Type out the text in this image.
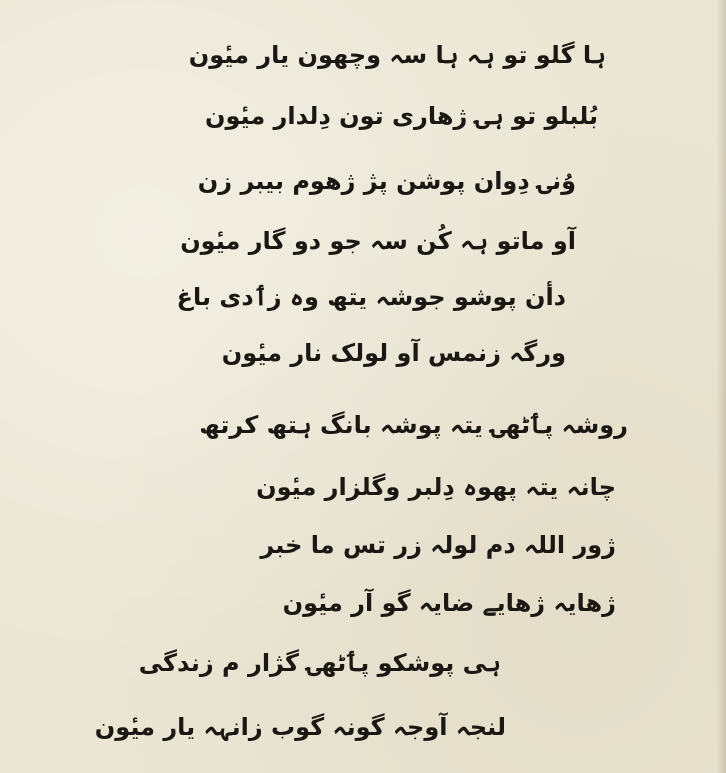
ہا گلو تو ہہ ہا سہ وچھون یار میٔون
بُلبلو تو ہۍ ژھاری تون دِلدار میٔون
وُنۍ دِوان پوشن پژ ژھوم بیبر زن
آو ماتو ہہ کُن سہ جو دو گار میٔون
دأن پوشو جوشہ یتھ وہ زٲدی باغ
ورگہ زنمس آو لولک نار میٔون
روشہ پٲٹھۍ یتہ پوشہ بانگ ہتھ کرتھ
چانہ یتہ پھوہ دِلبر وگلزار میٔون
ژور اللہ دم لولہ زر تس ما خبر
ژھایہ ژھایے ضایہ گو آر میٔون
ہی پوشکو پٲٹھۍ گژار م زندگی
لنجہ آوجہ گونہ گوب زانہہ یار میٔون
